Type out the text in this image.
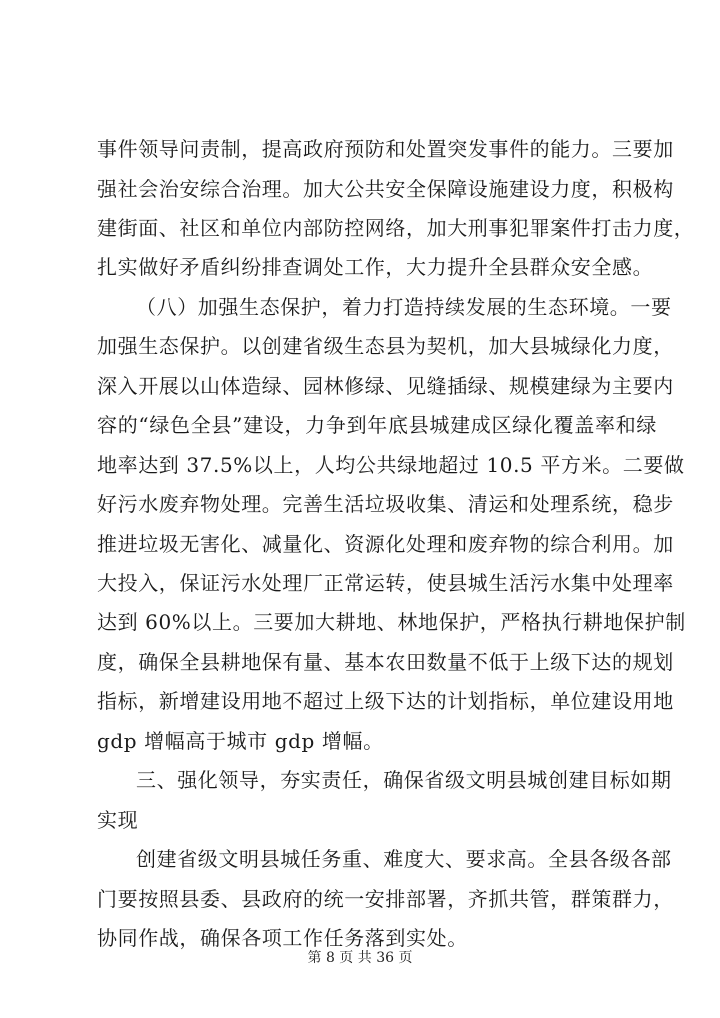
事件领导问责制，提高政府预防和处置突发事件的能力。三要加
强社会治安综合治理。加大公共安全保障设施建设力度，积极构
建街面、社区和单位内部防控网络，加大刑事犯罪案件打击力度，
扎实做好矛盾纠纷排查调处工作，大力提升全县群众安全感。
（八）加强生态保护，着力打造持续发展的生态环境。一要
加强生态保护。以创建省级生态县为契机，加大县城绿化力度，
深入开展以山体造绿、园林修绿、见缝插绿、规模建绿为主要内
容的“绿色全县”建设，力争到年底县城建成区绿化覆盖率和绿
地率达到 37.5%以上，人均公共绿地超过 10.5 平方米。二要做
好污水废弃物处理。完善生活垃圾收集、清运和处理系统，稳步
推进垃圾无害化、减量化、资源化处理和废弃物的综合利用。加
大投入，保证污水处理厂正常运转，使县城生活污水集中处理率
达到 60%以上。三要加大耕地、林地保护，严格执行耕地保护制
度，确保全县耕地保有量、基本农田数量不低于上级下达的规划
指标，新增建设用地不超过上级下达的计划指标，单位建设用地
gdp 增幅高于城市 gdp 增幅。
三、强化领导，夯实责任，确保省级文明县城创建目标如期
实现
创建省级文明县城任务重、难度大、要求高。全县各级各部
门要按照县委、县政府的统一安排部署，齐抓共管，群策群力，
协同作战，确保各项工作任务落到实处。
第 8 页 共 36 页
